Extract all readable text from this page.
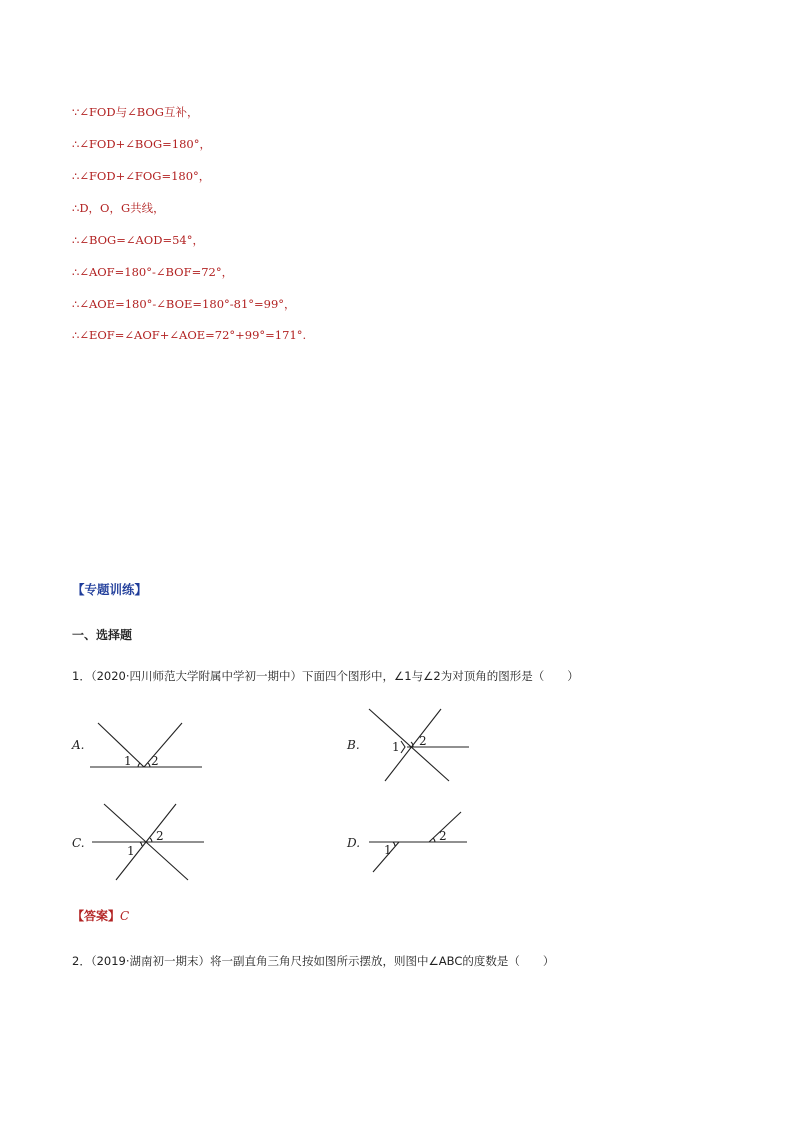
∵∠FOD与∠BOG互补，
∴∠FOD+∠BOG=180°，
∴∠FOD+∠FOG=180°，
∴D，O，G共线，
∴∠BOG=∠AOD=54°，
∴∠AOF=180°-∠BOF=72°，
∴∠AOE=180°-∠BOE=180°-81°=99°，
∴∠EOF=∠AOF+∠AOE=72°+99°=171°.
【专题训练】
一、选择题
1．（2020·四川师范大学附属中学初一期中）下面四个图形中，∠1与∠2为对顶角的图形是（　　）
A.
1 2
B.	1 2
C.
1
2	D. 1
2
【答案】C
2．（2019·湖南初一期末）将一副直角三角尺按如图所示摆放，则图中∠ABC的度数是（　　）
